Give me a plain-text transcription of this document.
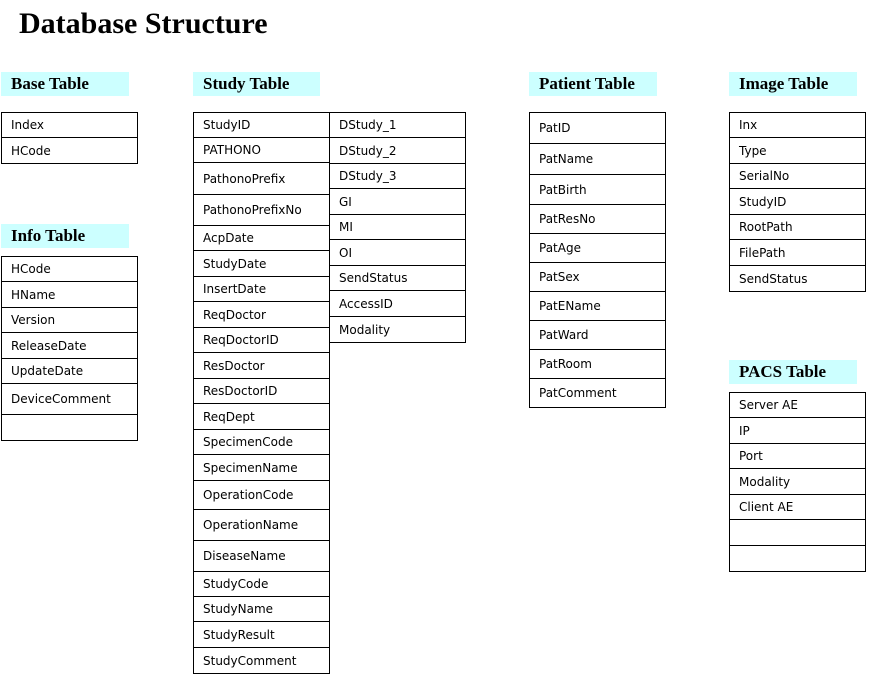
Database Structure
Base Table
Index
HCode
Info Table
HCode
HName
Version
ReleaseDate
UpdateDate
DeviceComment
Study Table
StudyID
PATHONO
PathonoPrefix
PathonoPrefixNo
AcpDate
StudyDate
InsertDate
ReqDoctor
ReqDoctorID
ResDoctor
ResDoctorID
ReqDept
SpecimenCode
SpecimenName
OperationCode
OperationName
DiseaseName
StudyCode
StudyName
StudyResult
StudyComment
DStudy_1
DStudy_2
DStudy_3
GI
MI
OI
SendStatus
AccessID
Modality
Patient Table
PatID
PatName
PatBirth
PatResNo
PatAge
PatSex
PatEName
PatWard
PatRoom
PatComment
Image Table
Inx
Type
SerialNo
StudyID
RootPath
FilePath
SendStatus
PACS Table
Server AE
IP
Port
Modality
Client AE
